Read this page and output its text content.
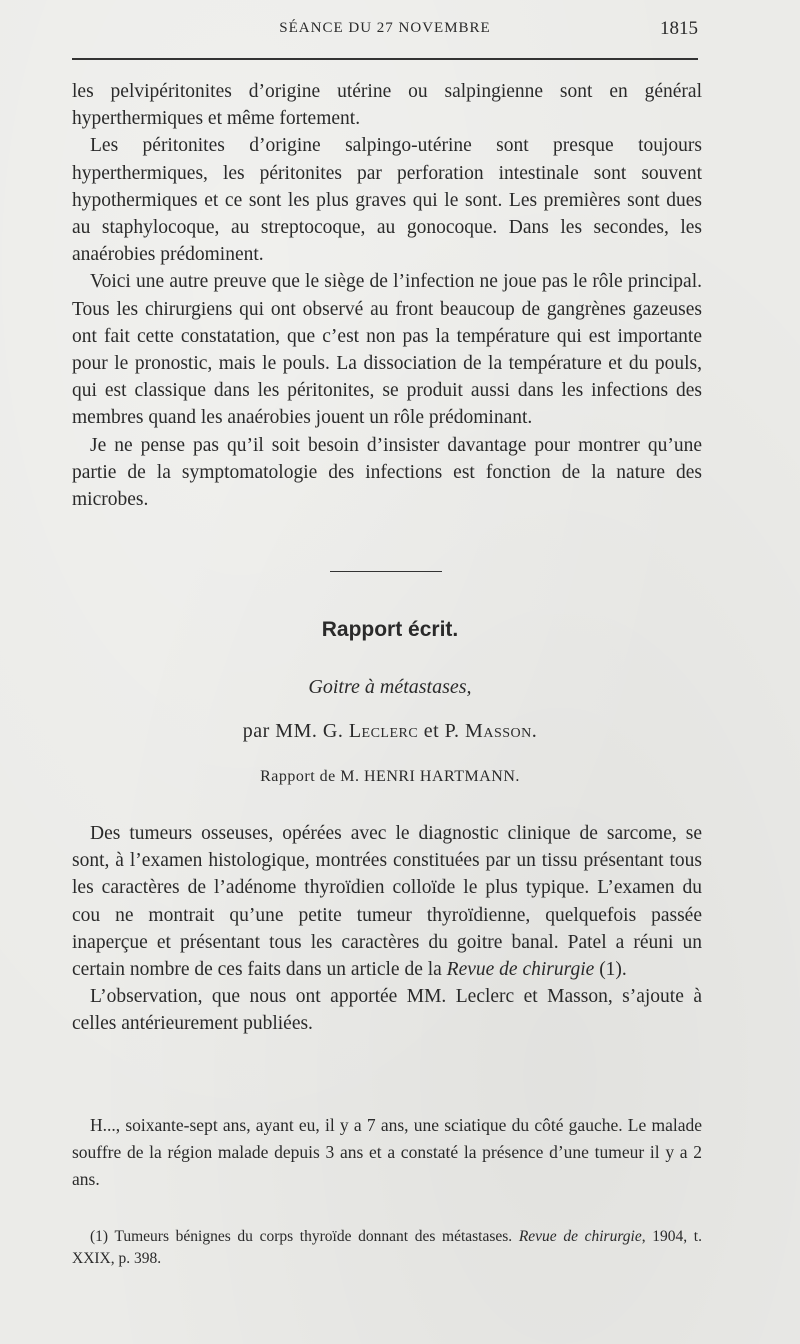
SÉANCE DU 27 NOVEMBRE	1815

les pelvipéritonites d’origine utérine ou salpingienne sont en général hyperthermiques et même fortement.

Les péritonites d’origine salpingo-utérine sont presque toujours hyperthermiques, les péritonites par perforation intestinale sont souvent hypothermiques et ce sont les plus graves qui le sont. Les premières sont dues au staphylocoque, au streptocoque, au gonocoque. Dans les secondes, les anaérobies prédominent.

Voici une autre preuve que le siège de l’infection ne joue pas le rôle principal. Tous les chirurgiens qui ont observé au front beaucoup de gangrènes gazeuses ont fait cette constatation, que c’est non pas la température qui est importante pour le pronostic, mais le pouls. La dissociation de la température et du pouls, qui est classique dans les péritonites, se produit aussi dans les infections des membres quand les anaérobies jouent un rôle prédominant.

Je ne pense pas qu’il soit besoin d’insister davantage pour montrer qu’une partie de la symptomatologie des infections est fonction de la nature des microbes.

Rapport écrit.
Goitre à métastases,
par MM. G. Leclerc et P. Masson.
Rapport de M. HENRI HARTMANN.

Des tumeurs osseuses, opérées avec le diagnostic clinique de sarcome, se sont, à l’examen histologique, montrées constituées par un tissu présentant tous les caractères de l’adénome thyroïdien colloïde le plus typique. L’examen du cou ne montrait qu’une petite tumeur thyroïdienne, quelquefois passée inaperçue et présentant tous les caractères du goitre banal. Patel a réuni un certain nombre de ces faits dans un article de la Revue de chirurgie (1).

L’observation, que nous ont apportée MM. Leclerc et Masson, s’ajoute à celles antérieurement publiées.

H..., soixante-sept ans, ayant eu, il y a 7 ans, une sciatique du côté gauche. Le malade souffre de la région malade depuis 3 ans et a constaté la présence d’une tumeur il y a 2 ans.

(1) Tumeurs bénignes du corps thyroïde donnant des métastases. Revue de chirurgie, 1904, t. XXIX, p. 398.
